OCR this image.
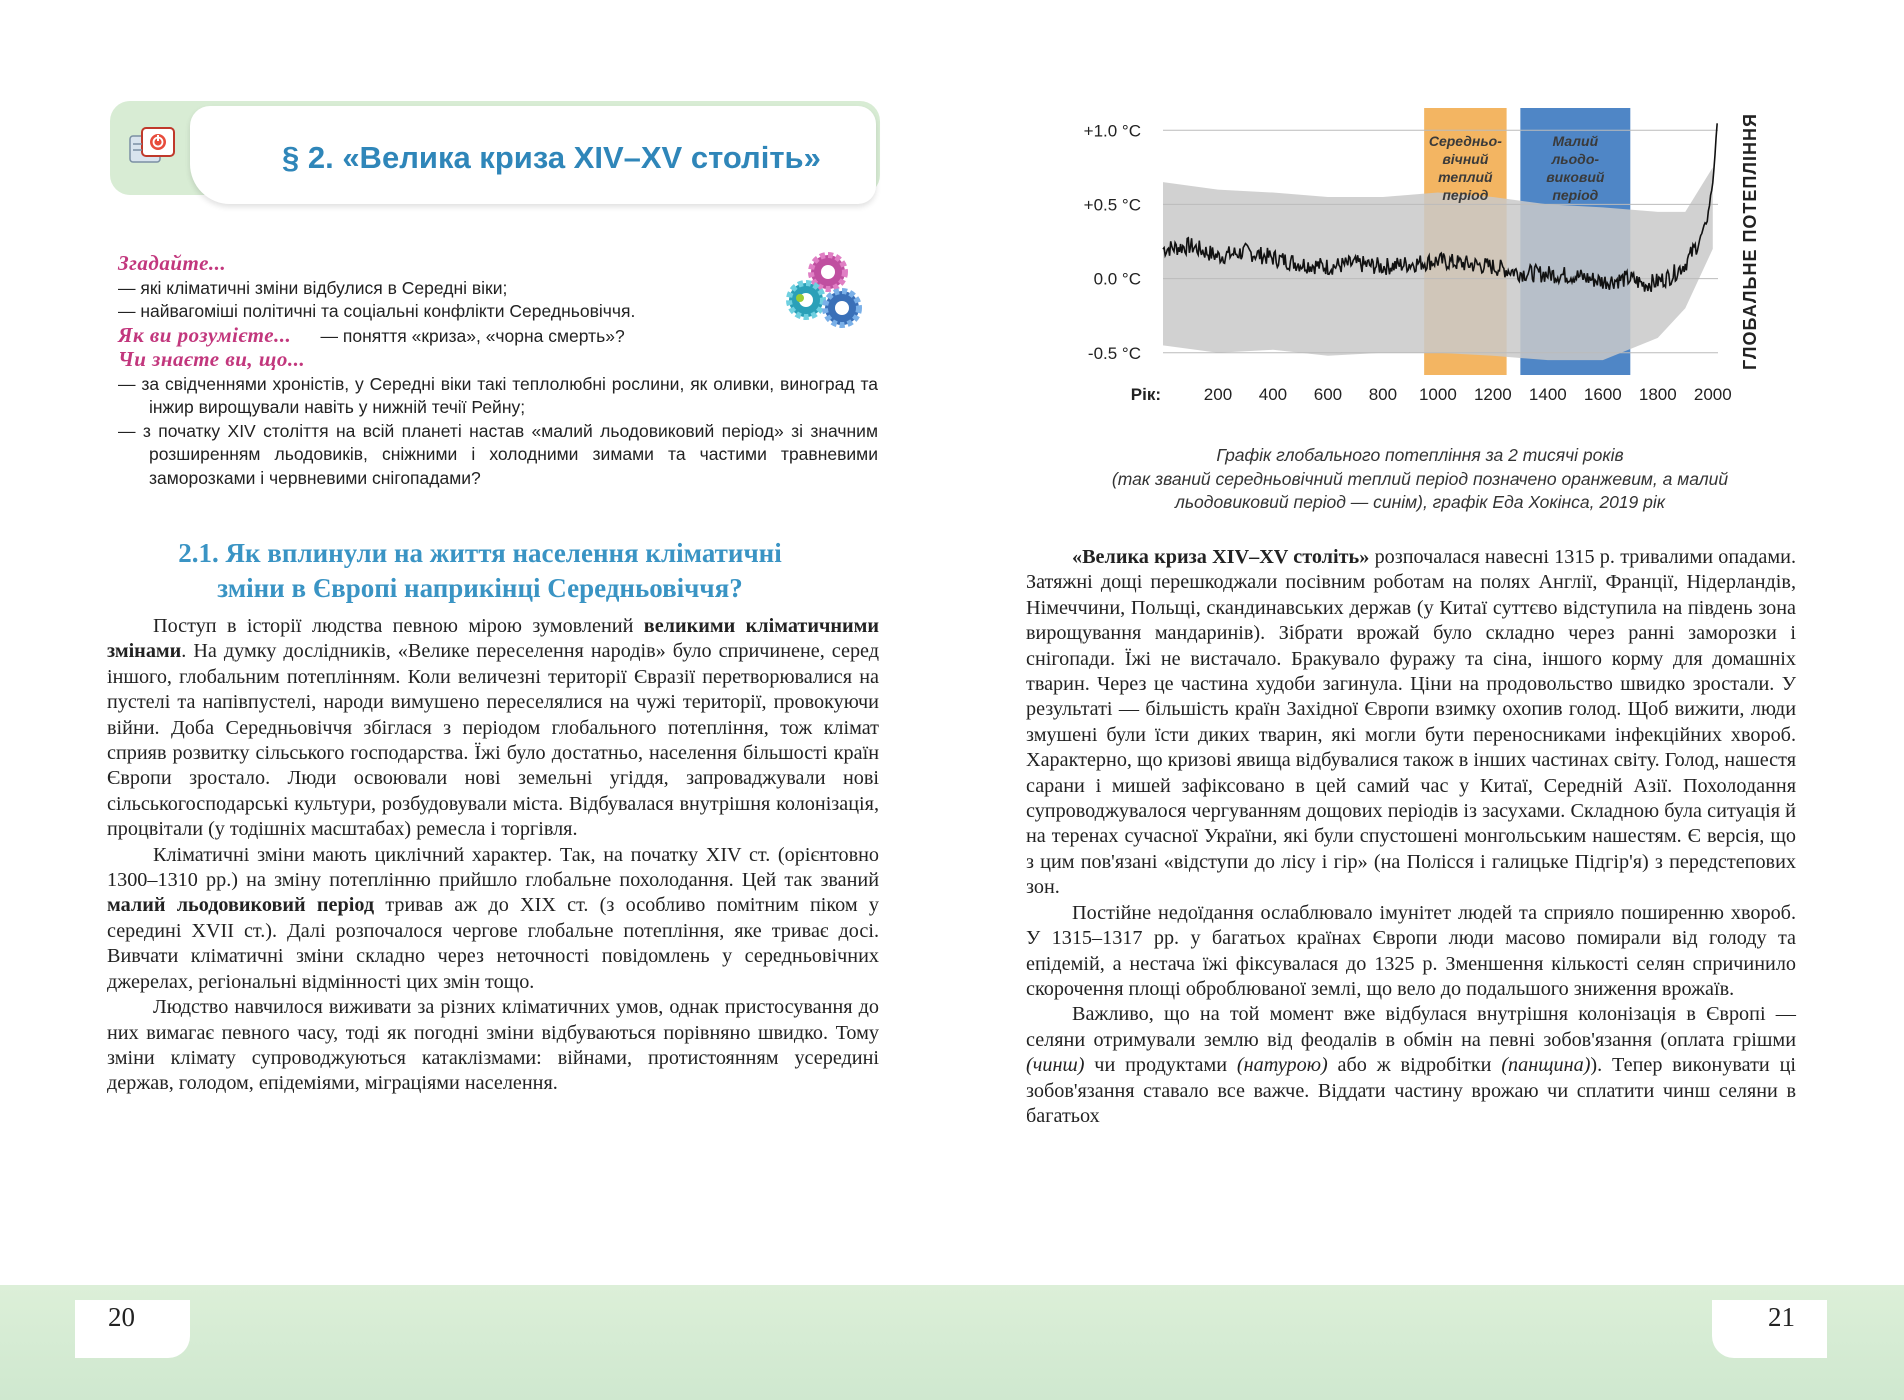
20
§ 2. «Велика криза XIV–XV століть»
Згадайте...
— які кліматичні зміни відбулися в Середні віки;
— найвагоміші політичні та соціальні конфлікти Середньовіччя.
Як ви розумієте... — поняття «криза», «чорна смерть»?
Чи знаєте ви, що...
— за свідченнями хроністів, у Середні віки такі теплолюбні рослини, як оливки, виноград та інжир вирощували навіть у нижній течії Рейну;
— з початку XIV століття на всій планеті настав «малий льодовиковий період» зі значним розширенням льодовиків, сніжними і холодними зимами та частими травневими заморозками і червневими снігопадами?
2.1. Як вплинули на життя населення кліматичні
зміни в Європі наприкінці Середньовіччя?

Поступ в історії людства певною мірою зумовлений великими кліматичними змінами. На думку дослідників, «Велике переселення народів» було спричинене, серед іншого, глобальним потеплінням. Коли величезні території Євразії перетворювалися на пустелі та напівпустелі, народи вимушено переселялися на чужі території, провокуючи війни. Доба Середньовіччя збіглася з періодом глобального потепління, тож клімат сприяв розвитку сільського господарства. Їжі було достатньо, населення більшості країн Європи зростало. Люди освоювали нові земельні угіддя, запроваджували нові сільськогосподарські культури, розбудовували міста. Відбувалася внутрішня колонізація, процвітали (у тодішніх масштабах) ремесла і торгівля.

Кліматичні зміни мають циклічний характер. Так, на початку XIV ст. (орієнтовно 1300–1310 рр.) на зміну потеплінню прийшло глобальне похолодання. Цей так званий малий льодовиковий період тривав аж до XIX ст. (з особливо помітним піком у середині XVII ст.). Далі розпочалося чергове глобальне потепління, яке триває досі. Вивчати кліматичні зміни складно через неточності повідомлень у середньовічних джерелах, регіональні відмінності цих змін тощо.

Людство навчилося виживати за різних кліматичних умов, однак пристосування до них вимагає певного часу, тоді як погодні зміни відбуваються порівняно швидко. Тому зміни клімату супроводжуються катаклізмами: війнами, протистоянням усередині держав, голодом, епідеміями, міграціями населення.

21
Середньо-
вічний
теплий
період
Малий
льодо-
виковий
період
+1.0 °C
+0.5 °C
0.0 °C
-0.5 °C
200 400 600 800 1000 1200 1400 1600 1800 2000
Рік:
ГЛОБАЛЬНЕ ПОТЕПЛІННЯ
Графік глобального потепління за 2 тисячі років
(так званий середньовічний теплий період позначено оранжевим, а малий
льодовиковий період — синім), графік Еда Хокінса, 2019 рік

«Велика криза XIV–XV століть» розпочалася навесні 1315 р. тривалими опадами. Затяжні дощі перешкоджали посівним роботам на полях Англії, Франції, Нідерландів, Німеччини, Польщі, скандинавських держав (у Китаї суттєво відступила на південь зона вирощування мандаринів). Зібрати врожай було складно через ранні заморозки і снігопади. Їжі не вистачало. Бракувало фуражу та сіна, іншого корму для домашніх тварин. Через це частина худоби загинула. Ціни на продовольство швидко зростали. У результаті — більшість країн Західної Європи взимку охопив голод. Щоб вижити, люди змушені були їсти диких тварин, які могли бути переносниками інфекційних хвороб. Характерно, що кризові явища відбувалися також в інших частинах світу. Голод, нашестя сарани і мишей зафіксовано в цей самий час у Китаї, Середній Азії. Похолодання супроводжувалося чергуванням дощових періодів із засухами. Складною була ситуація й на теренах сучасної України, які були спустошені монгольським нашестям. Є версія, що з цим пов'язані «відступи до лісу і гір» (на Полісся і галицьке Підгір'я) з передстепових зон.

Постійне недоїдання ослаблювало імунітет людей та сприяло поширенню хвороб. У 1315–1317 рр. у багатьох країнах Європи люди масово помирали від голоду та епідемій, а нестача їжі фіксувалася до 1325 р. Зменшення кількості селян спричинило скорочення площі оброблюваної землі, що вело до подальшого зниження врожаїв.

Важливо, що на той момент вже відбулася внутрішня колонізація в Європі — селяни отримували землю від феодалів в обмін на певні зобов'язання (оплата грішми (чинш) чи продуктами (натурою) або ж відробітки (панщина)). Тепер виконувати ці зобов'язання ставало все важче. Віддати частину врожаю чи сплатити чинш селяни в багатьох
